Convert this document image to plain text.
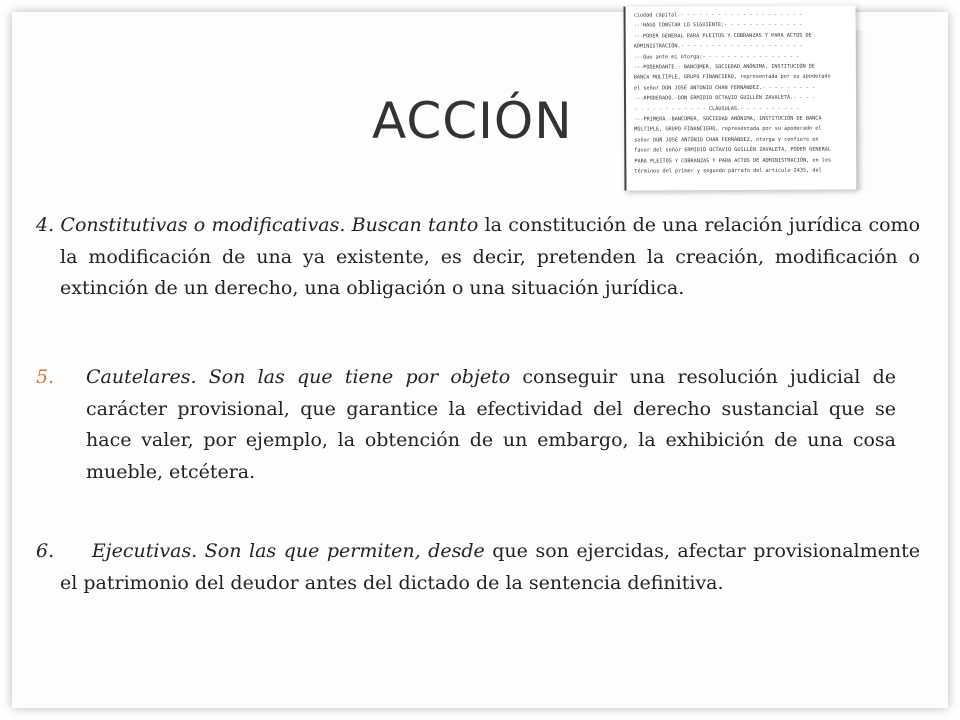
ciudad capital.- - - - - - - - - - - - - - - - - - - -
---HAGO CONSTAR LO SIGUIENTE:- - - - - - - - - - - - -
---PODER GENERAL PARA PLEITOS Y COBRANZAS Y PARA ACTOS DE
ADMINISTRACIÓN.- - - - - - - - - - - - - - - - - - - -
---Que ante mí otorga:- - - - - - - - - - - - - - - -
---PODERDANTE.- BANCOMER, SOCIEDAD ANÓNIMA, INSTITUCIÓN DE
BANCA MÚLTIPLE, GRUPO FINANCIERO, representada por su apoderado
el señor DON JOSÉ ANTONIO CHAN FERNÁNDEZ.- - - - - - - - -
---APODERADO.-DON ERMIDIO OCTAVIO GUILLÉN ZAVALETA.- - - -
- - - - - - - - - - - - CLÁUSULAS.- - - - - - - - - -
---PRIMERA.-BANCOMER, SOCIEDAD ANÓNIMA, INSTITUCIÓN DE BANCA
MÚLTIPLE, GRUPO FINANCIERO, representada por su apoderado el
señor DON JOSÉ ANTONIO CHAN FERNÁNDEZ, otorga y confiere en
favor del señor ERMIDIO OCTAVIO GUILLÉN ZAVALETA, PODER GENERAL
PARA PLEITOS Y COBRANZAS Y PARA ACTOS DE ADMINISTRACIÓN, en los
términos del primer y segundo párrafo del artículo 2435, del
ACCIÓN

4. Constitutivas o modificativas. Buscan tanto la constitución de una relación jurídica como la modificación de una ya existente, es decir, pretenden la creación, modificación o extinción de un derecho, una obligación o una situación jurídica.

5. Cautelares. Son las que tiene por objeto conseguir una resolución judicial de carácter provisional, que garantice la efectividad del derecho sustancial que se hace valer, por ejemplo, la obtención de un embargo, la exhibición de una cosa mueble, etcétera.

6. Ejecutivas. Son las que permiten, desde que son ejercidas, afectar provisionalmente el patrimonio del deudor antes del dictado de la sentencia definitiva.
